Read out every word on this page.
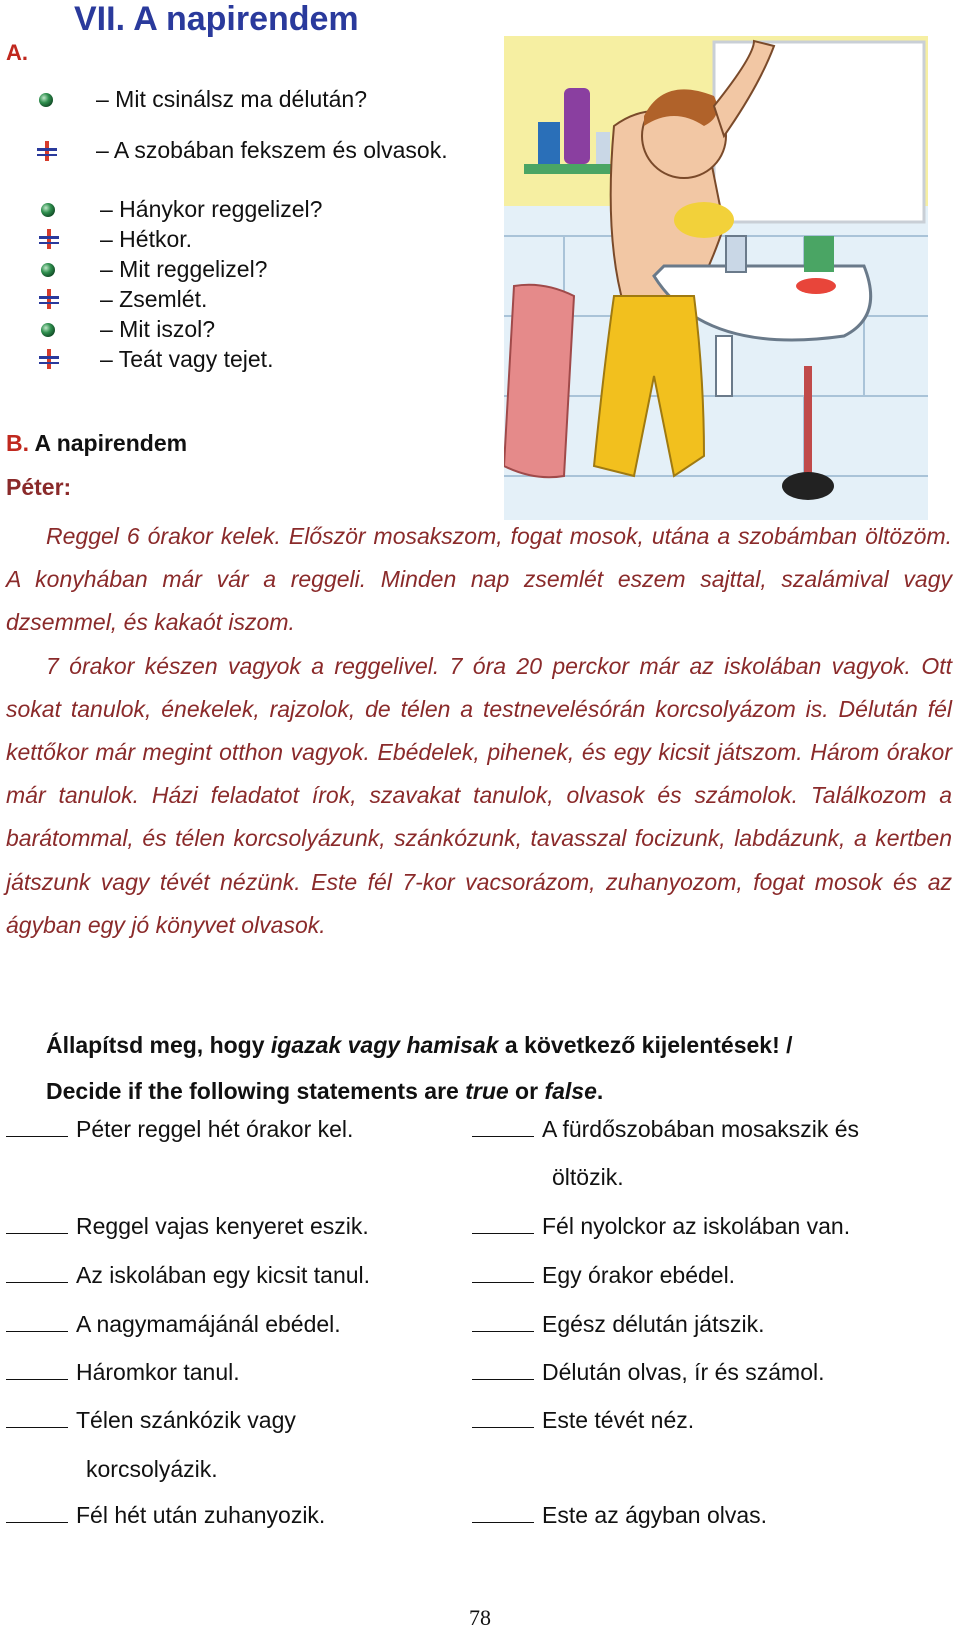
VII. A napirendem
A.
– Mit csinálsz ma délután?
– A szobában fekszem és olvasok.
– Hánykor reggelizel?
– Hétkor.
– Mit reggelizel?
– Zsemlét.
– Mit iszol?
– Teát vagy tejet.
B. A napirendem
Péter:

Reggel 6 órakor kelek. Először mosakszom, fogat mosok, utána a szobámban öltözöm. A konyhában már vár a reggeli. Minden nap zsemlét eszem sajttal, szalámival vagy dzsemmel, és kakaót iszom.

7 órakor készen vagyok a reggelivel. 7 óra 20 perckor már az iskolában vagyok. Ott sokat tanulok, énekelek, rajzolok, de télen a testnevelésórán korcsolyázom is. Délután fél kettőkor már megint otthon vagyok. Ebédelek, pihenek, és egy kicsit játszom. Három órakor már tanulok. Házi feladatot írok, szavakat tanulok, olvasok és számolok. Találkozom a barátommal, és télen korcsolyázunk, szánkózunk, tavasszal focizunk, labdázunk, a kertben játszunk vagy tévét nézünk. Este fél 7-kor vacsorázom, zuhanyozom, fogat mosok és az ágyban egy jó könyvet olvasok.

Állapítsd meg, hogy igazak vagy hamisak a következő kijelentések! /
Decide if the following statements are true or false.
Péter reggel hét órakor kel.
Reggel vajas kenyeret eszik.
Az iskolában egy kicsit tanul.
A nagymamájánál ebédel.
Háromkor tanul.
Télen szánkózik vagy
korcsolyázik.
Fél hét után zuhanyozik.
A fürdőszobában mosakszik és
öltözik.
Fél nyolckor az iskolában van.
Egy órakor ebédel.
Egész délután játszik.
Délután olvas, ír és számol.
Este tévét néz.
Este az ágyban olvas.
78
